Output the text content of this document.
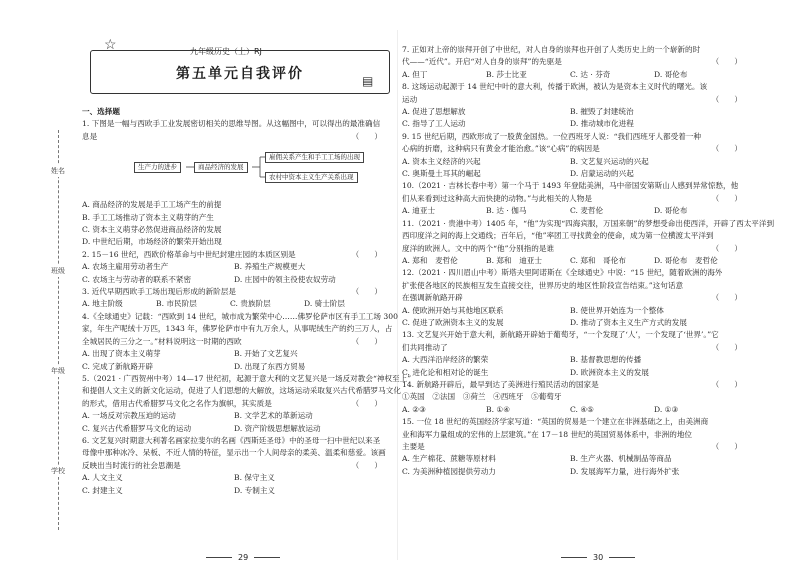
姓名
班级
年级
学校
☆	九年级历史（上）RJ
第五单元自我评价	▤

一、选择题

1. 下图是一幅与西欧手工业发展密切相关的思维导图。从这幅图中，可以得出的最准确信

息是	（　　）

A. 商品经济的发展是手工工场产生的前提

B. 手工工场推动了资本主义萌芽的产生

C. 资本主义萌芽必然促进商品经济的发展

D. 中世纪后期，市场经济的繁荣开始出现

2. 15－16 世纪，西欧价格革命与中世纪封建庄园的本质区别是	（　　）

A. 农场主雇用劳动者生产	B. 养殖生产规模更大

C. 农场主与劳动者的联系不紧密	D. 庄园中的领主役使农奴劳动

3. 近代早期西欧手工场出现后形成的新阶层是	（　　）

A. 地主阶级	B. 市民阶层	C. 贵族阶层	D. 骑士阶层

4.《全球通史》记载：“西欧到 14 世纪，城市成为繁荣中心……佛罗伦萨市区有手工工场 300

家，年生产呢绒十万匹，1343 年，佛罗伦萨市中有九万余人，从事呢绒生产的约三万人，占

全城居民的三分之一。”材料说明这一时期的西欧	（　　）

A. 出现了资本主义萌芽	B. 开始了文艺复兴

C. 完成了新航路开辟	D. 出现了东西方贸易

5.（2021 · 广西贺州中考）14—17 世纪初，起源于意大利的文艺复兴是一场反对教会“神权至上”

和提倡人文主义的新文化运动，促进了人们思想的大解放，这场运动采取复兴古代希腊罗马文化

的形式，借用古代希腊罗马文化之名作为旗帜，其实质是	（　　）

A. 一场反对宗教压迫的运动	B. 文学艺术的革新运动

C. 复兴古代希腊罗马文化的运动	D. 资产阶级思想解放运动

6. 文艺复兴时期意大利著名画家拉斐尔的名画《西斯廷圣母》中的圣母一扫中世纪以来圣

母像中那种冰冷、呆板、不近人情的特征，显示出一个人间母亲的柔美、温柔和慈爱。该画

反映出当时流行的社会思潮是	（　　）

A. 人文主义	B. 保守主义

C. 封建主义	D. 专制主义

生产力的进步	商品经济的发展
雇佣关系产生和手工工场的出现
农村中资本主义生产关系出现

7. 正如对上帝的崇拜开创了中世纪，对人自身的崇拜也开创了人类历史上的一个崭新的时

代——“近代”。开启“对人自身的崇拜”的先驱是	（　　）

A. 但丁	B. 莎士比亚	C. 达 · 芬奇	D. 哥伦布

8. 这场运动起源于 14 世纪中叶的意大利，传播于欧洲，被认为是资本主义时代的曙光。该

运动	（　　）

A. 促进了思想解放	B. 摧毁了封建统治

C. 指导了工人运动	D. 推动城市化进程

9. 15 世纪后期，西欧形成了一股黄金国热。一位西班牙人说：“我们西班牙人都受着一种

心病的折磨，这种病只有黄金才能治愈。”该“心病”的病因是	（　　）

A. 资本主义经济的兴起	B. 文艺复兴运动的兴起

C. 奥斯曼土耳其的崛起	D. 启蒙运动的兴起

10.（2021 · 吉林长春中考）第一个马于 1493 年登陆美洲，马中帝国安第斯山人感到异常惊愁，他

们从来看到过这种高大而快捷的动物。”与此相关的人物是	（　　）

A. 迪亚士	B. 达 · 伽马	C. 麦哲伦	D. 哥伦布

11.（2021 · 贵港中考）1405 年，“他”为实现“四海宾服，万国来朝”的梦想受命出使西洋，开辟了西太平洋到

西印度洋之间的海上交通线；百年后，“他”率团工寻找黄金的使命，成为第一位横渡太平洋到

度洋的欧洲人。文中的两个“他”分别指的是谁	（　　）

A. 郑和　麦哲伦	B. 郑和　迪亚士	C. 郑和　哥伦布	D. 哥伦布　麦哲伦

12.（2021 · 四川眉山中考）斯塔夫里阿诺斯在《全球通史》中说：“15 世纪，随着欧洲的海外

扩张使各地区的民族相互发生直接交往，世界历史的地区性阶段宣告结束。”这句话意

在强调新航路开辟	（　　）

A. 使欧洲开始与其他地区联系	B. 使世界开始连为一个整体

C. 促进了欧洲资本主义的发展	D. 推动了资本主义生产方式的发展

13. 文艺复兴开始于意大利，新航路开辟始于葡萄牙，“一个发现了‘人’，一个发现了‘世界’。”它

们共同推动了	（　　）

A. 大西洋沿岸经济的繁荣	B. 基督教思想的传播

C. 进化论和相对论的诞生	D. 欧洲资本主义的发展

14. 新航路开辟后，最早到达了美洲进行殖民活动的国家是	（　　）

①英国　②法国　③荷兰　④西班牙　⑤葡萄牙

A. ②③	B. ①④	C. ④⑤	D. ①③

15. 一位 18 世纪的英国经济学家写道：“英国的贸易是一个建立在非洲基础之上，由美洲商

业和海军力量组成的宏伟的上层建筑。”在 17－18 世纪的英国贸易体系中，非洲的地位

主要是	（　　）

A. 生产棉花、蔗糖等原材料	B. 生产火器、机械制品等商品

C. 为美洲种植园提供劳动力	D. 发展海军力量，进行海外扩张

29	30
